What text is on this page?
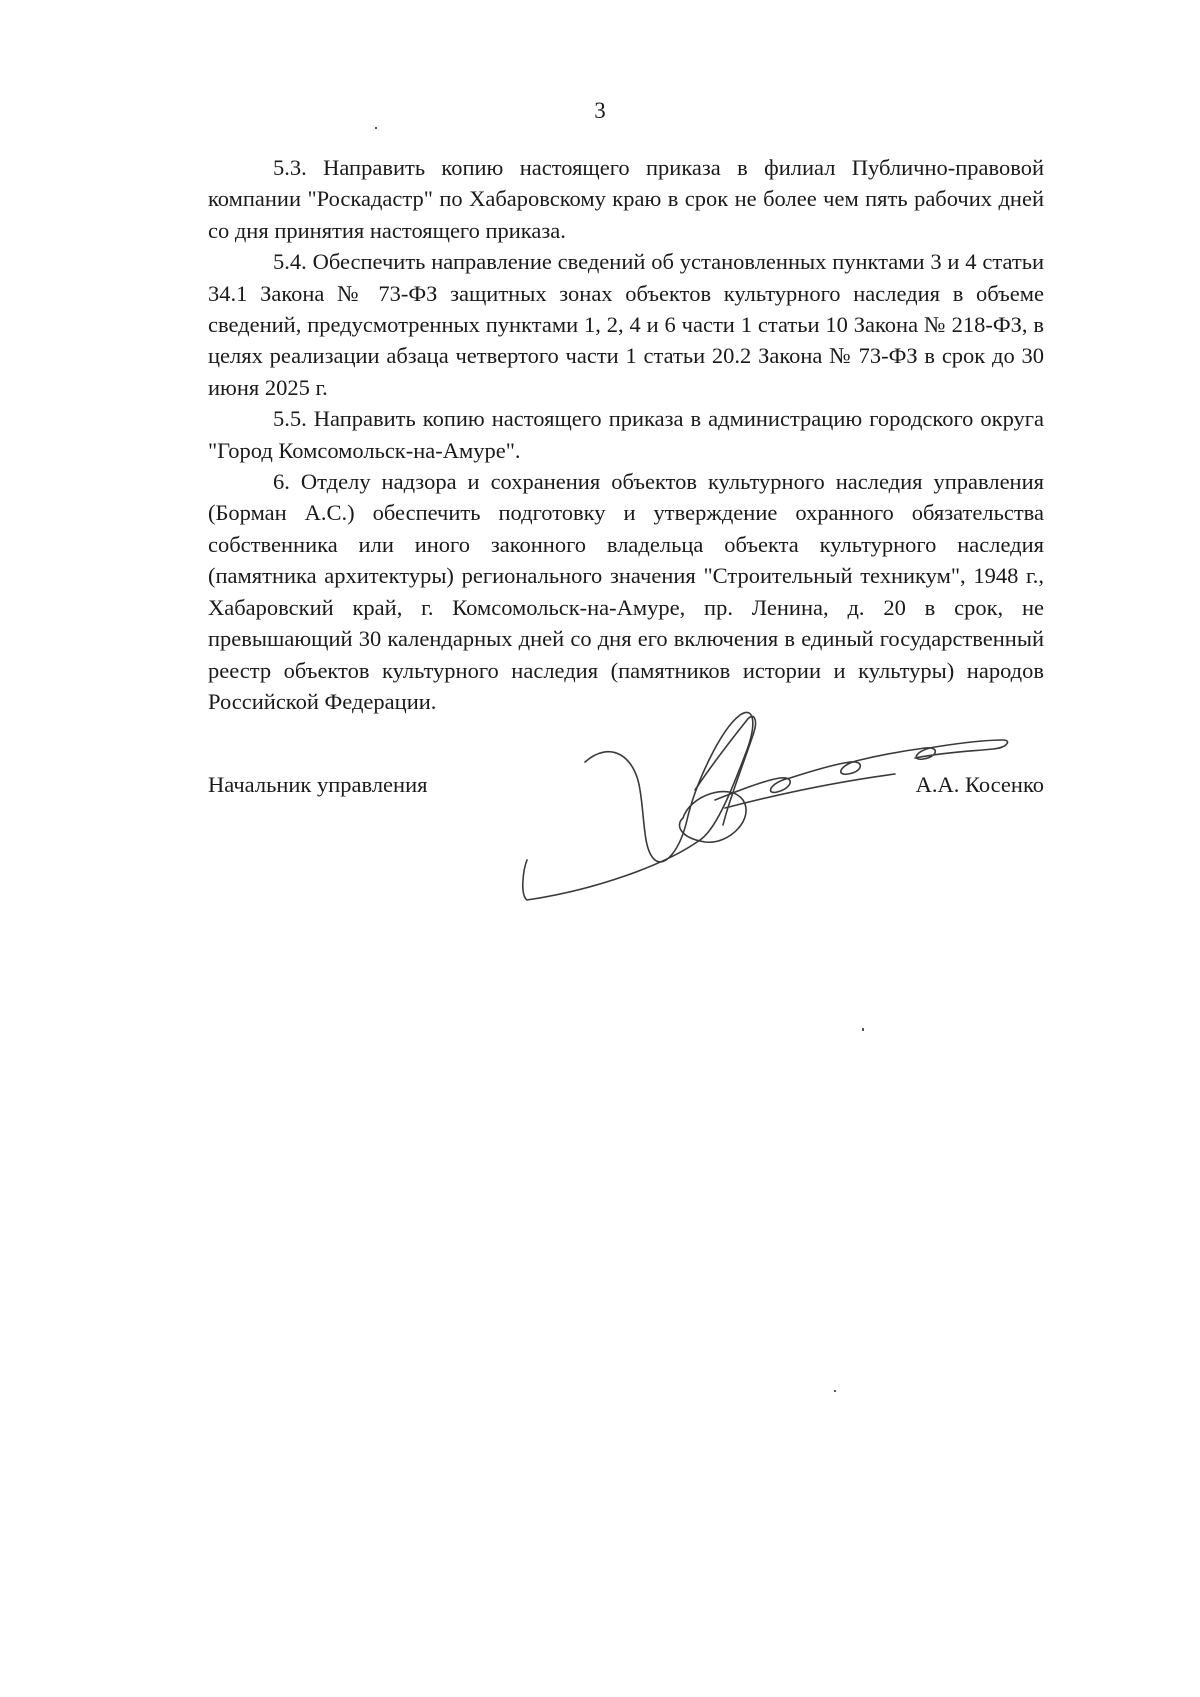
3

5.3. Направить копию настоящего приказа в филиал Публично-правовой компании "Роскадастр" по Хабаровскому краю в срок не более чем пять рабочих дней со дня принятия настоящего приказа.

5.4. Обеспечить направление сведений об установленных пунктами 3 и 4 статьи 34.1 Закона № 73-ФЗ защитных зонах объектов культурного наследия в объеме сведений, предусмотренных пунктами 1, 2, 4 и 6 части 1 статьи 10 Закона № 218-ФЗ, в целях реализации абзаца четвертого части 1 статьи 20.2 Закона № 73-ФЗ в срок до 30 июня 2025 г.

5.5. Направить копию настоящего приказа в администрацию городского округа "Город Комсомольск-на-Амуре".

6. Отделу надзора и сохранения объектов культурного наследия управления (Борман А.С.) обеспечить подготовку и утверждение охранного обязательства собственника или иного законного владельца объекта культурного наследия (памятника архитектуры) регионального значения "Строительный техникум", 1948 г., Хабаровский край, г. Комсомольск-на-Амуре, пр. Ленина, д. 20 в срок, не превышающий 30 календарных дней со дня его включения в единый государственный реестр объектов культурного наследия (памятников истории и культуры) народов Российской Федерации.

Начальник управления	А.А. Косенко
